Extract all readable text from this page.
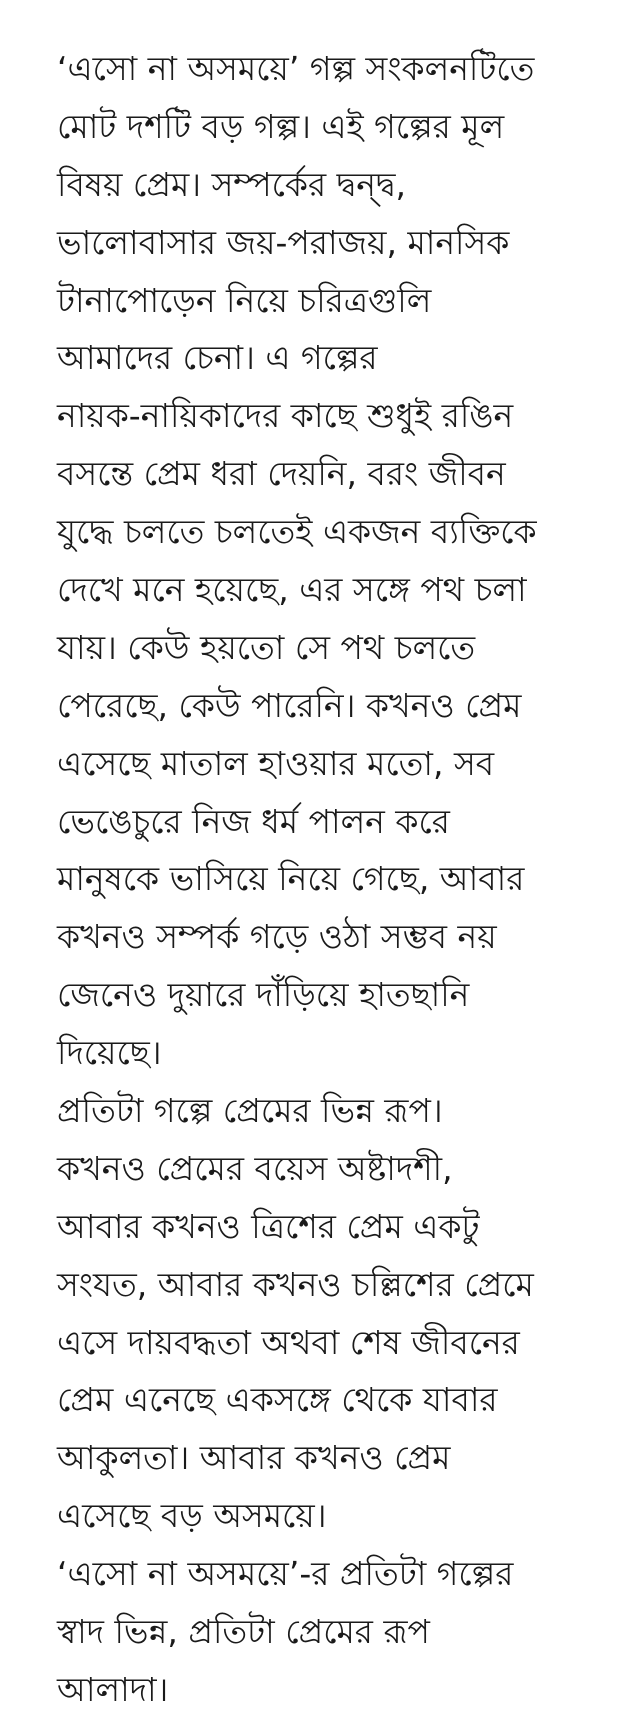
‘এসো না অসময়ে’ গল্প সংকলনটিতে
মোট দশটি বড় গল্প। এই গল্পের মূল
বিষয় প্রেম। সম্পর্কের দ্বন্দ্ব,
ভালোবাসার জয়-পরাজয়, মানসিক
টানাপোড়েন নিয়ে চরিত্রগুলি
আমাদের চেনা। এ গল্পের
নায়ক-নায়িকাদের কাছে শুধুই রঙিন
বসন্তে প্রেম ধরা দেয়নি, বরং জীবন
যুদ্ধে চলতে চলতেই একজন ব্যক্তিকে
দেখে মনে হয়েছে, এর সঙ্গে পথ চলা
যায়। কেউ হয়তো সে পথ চলতে
পেরেছে, কেউ পারেনি। কখনও প্রেম
এসেছে মাতাল হাওয়ার মতো, সব
ভেঙেচুরে নিজ ধর্ম পালন করে
মানুষকে ভাসিয়ে নিয়ে গেছে, আবার
কখনও সম্পর্ক গড়ে ওঠা সম্ভব নয়
জেনেও দুয়ারে দাঁড়িয়ে হাতছানি
দিয়েছে।
প্রতিটা গল্পে প্রেমের ভিন্ন রূপ।
কখনও প্রেমের বয়েস অষ্টাদশী,
আবার কখনও ত্রিশের প্রেম একটু
সংযত, আবার কখনও চল্লিশের প্রেমে
এসে দায়বদ্ধতা অথবা শেষ জীবনের
প্রেম এনেছে একসঙ্গে থেকে যাবার
আকুলতা। আবার কখনও প্রেম
এসেছে বড় অসময়ে।
‘এসো না অসময়ে’-র প্রতিটা গল্পের
স্বাদ ভিন্ন, প্রতিটা প্রেমের রূপ
আলাদা।
